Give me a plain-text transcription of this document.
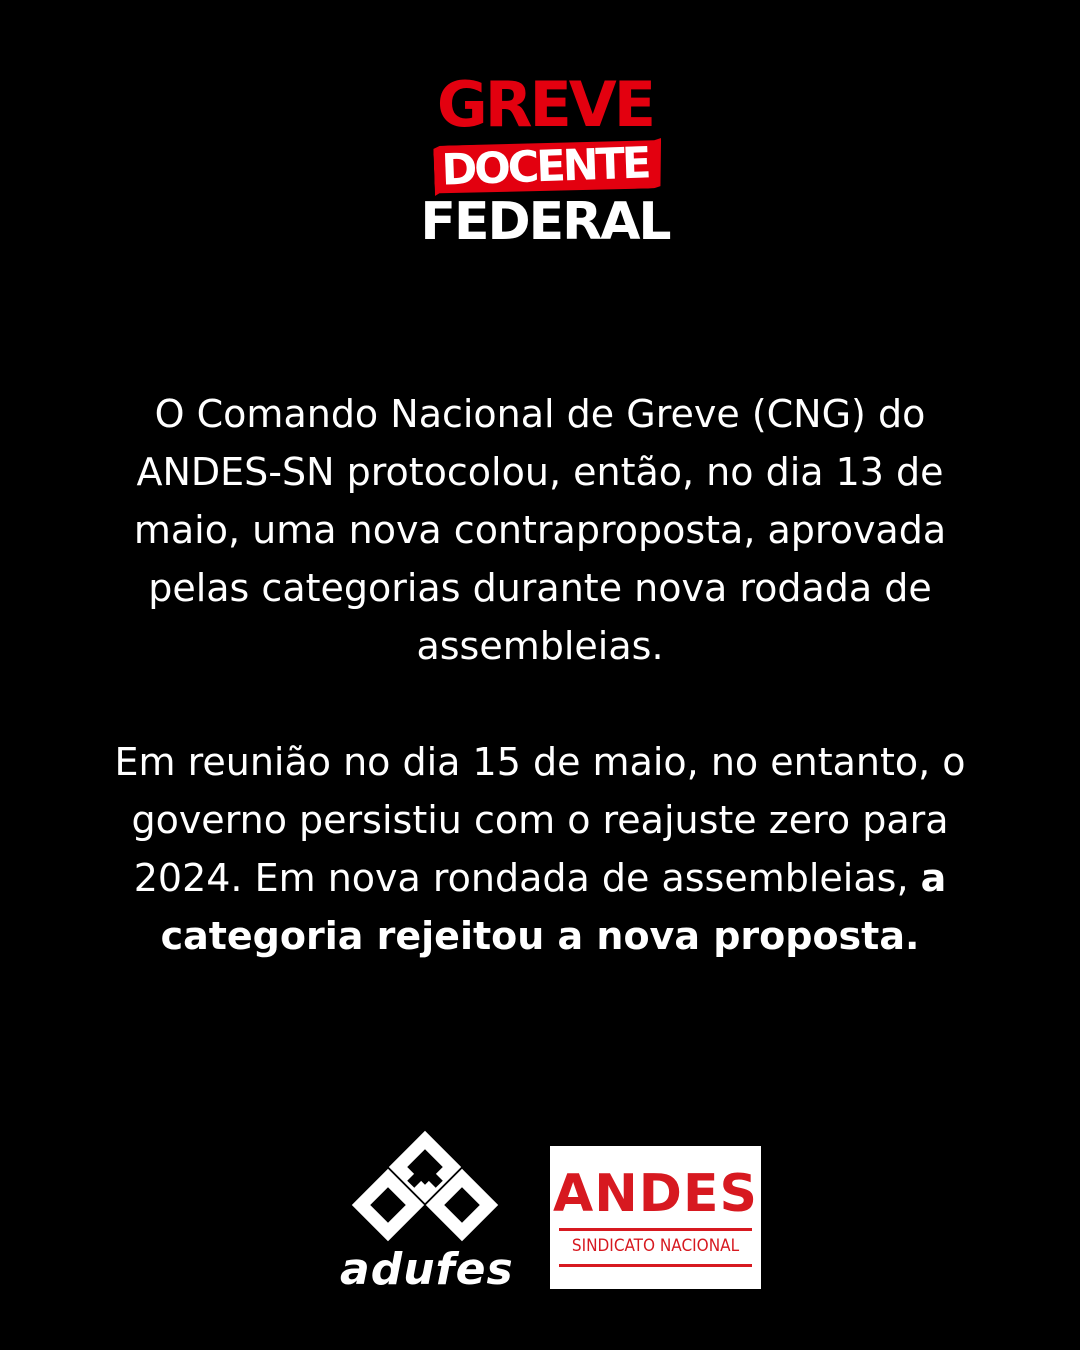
GREVE
DOCENTE
FEDERAL

O Comando Nacional de Greve (CNG) do ANDES-SN protocolou, então, no dia 13 de maio, uma nova contraproposta, aprovada pelas categorias durante nova rodada de assembleias.

Em reunião no dia 15 de maio, no entanto, o governo persistiu com o reajuste zero para 2024. Em nova rondada de assembleias, a categoria rejeitou a nova proposta.

adufes
ANDES
SINDICATO NACIONAL
